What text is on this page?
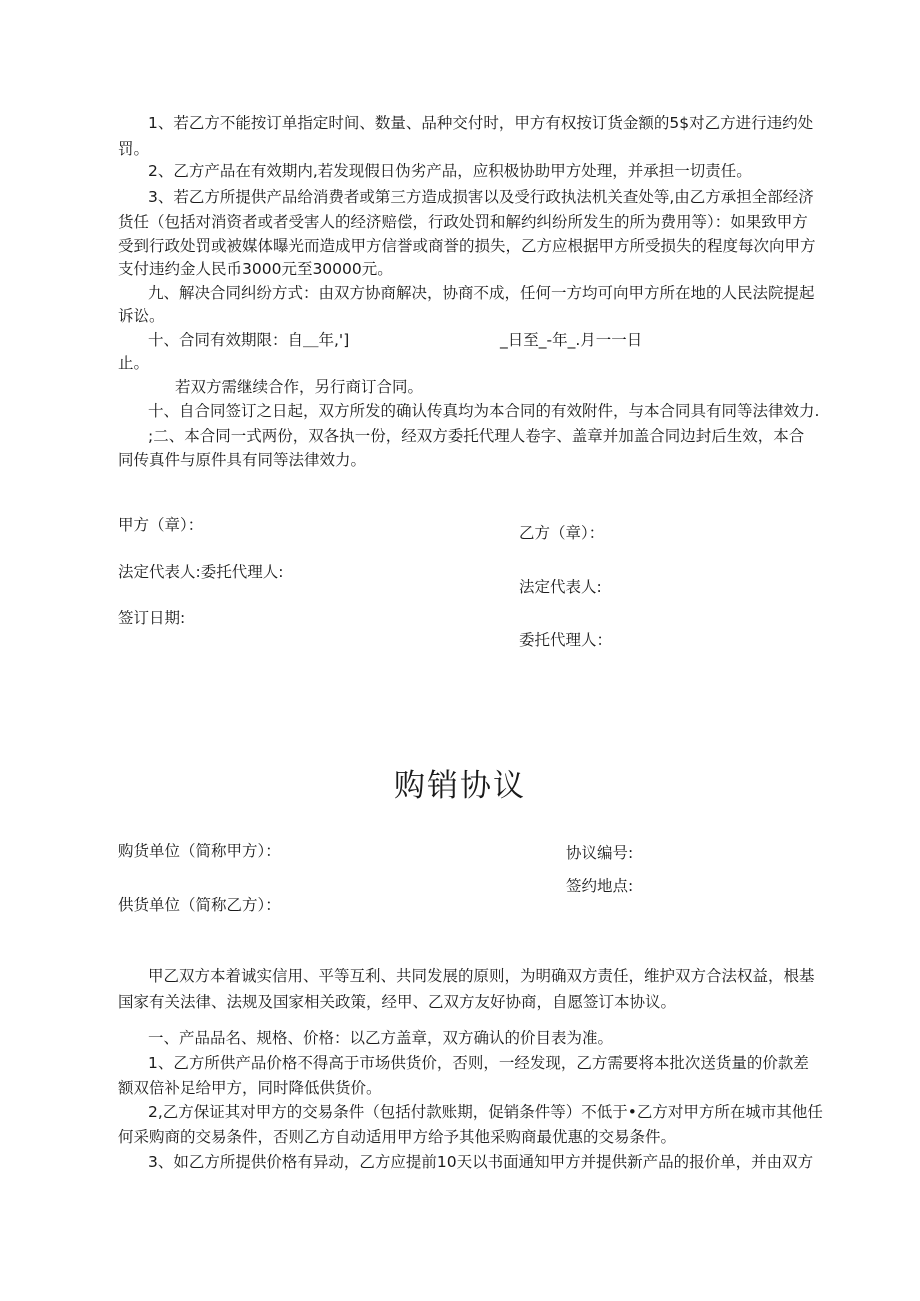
1、若乙方不能按订单指定时间、数量、品种交付时，甲方有权按订货金额的5$对乙方进行违约处

罚。

2、乙方产品在有效期内,若发现假日伪劣产品，应积极协助甲方处理，并承担一切责任。

3、若乙方所提供产品给消费者或第三方造成损害以及受行政执法机关查处等,由乙方承担全部经济

货任（包括对消资者或者受害人的经济赔偿，行政处罚和解约纠纷所发生的所为费用等）：如果致甲方

受到行政处罚或被媒体曝光而造成甲方信誉或商誉的损失，乙方应根据甲方所受损失的程度每次向甲方

支付违约金人民币3000元至30000元。

九、解决合同纠纷方式：由双方协商解决，协商不成，任何一方均可向甲方所在地的人民法院提起

诉讼。

十、合同有效期限：自＿年,']	_日至_-年_.月一一日

止。

若双方需继续合作，另行商订合同。

十、自合同签订之日起，双方所发的确认传真均为本合同的有效附件，与本合同具有同等法律效力.

;二、本合同一式两份，双各执一份，经双方委托代理人卷字、盖章并加盖合同边封后生效，本合

同传真件与原件具有同等法律效力。

甲方（章）：	乙方（章）：

法定代表人:委托代理人:

法定代表人:

签订日期:

委托代理人：
购销协议

购货单位（简称甲方）：	协议编号:

签约地点:

供货单位（简称乙方）：

甲乙双方本着诚实信用、平等互利、共同发展的原则，为明确双方责任，维护双方合法权益，根基

国家有关法律、法规及国家相关政策，经甲、乙双方友好协商，自愿签订本协议。

一、产品品名、规格、价格：以乙方盖章，双方确认的价目表为准。

1、乙方所供产品价格不得高于市场供货价，否则，一经发现，乙方需要将本批次送货量的价款差

额双倍补足给甲方，同时降低供货价。

2,乙方保证其对甲方的交易条件（包括付款账期，促销条件等）不低于•乙方对甲方所在城市其他任

何采购商的交易条件，否则乙方自动适用甲方给予其他采购商最优惠的交易条件。

3、如乙方所提供价格有异动，乙方应提前10天以书面通知甲方并提供新产品的报价单，并由双方
